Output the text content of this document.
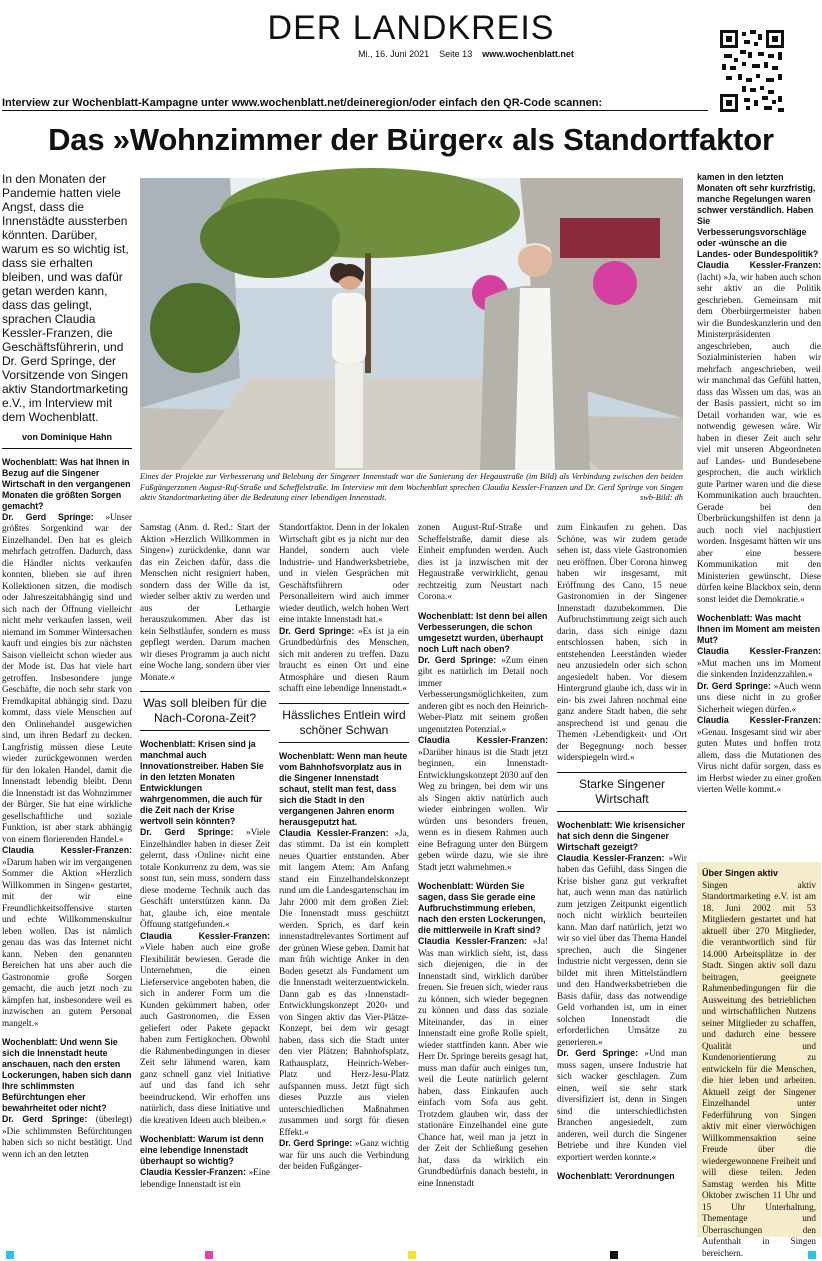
DER LANDKREIS
Mi., 16. Juni 2021 Seite 13 www.wochenblatt.net
Interview zur Wochenblatt-Kampagne unter www.wochenblatt.net/deineregion/oder einfach den QR-Code scannen:
Das »Wohnzimmer der Bürger« als Standortfaktor

In den Monaten der Pandemie hatten viele Angst, dass die Innenstädte aussterben könnten. Darüber, warum es so wichtig ist, dass sie erhalten bleiben, und was dafür getan werden kann, dass das gelingt, sprachen Claudia Kessler-Franzen, die Geschäftsführerin, und Dr. Gerd Springe, der Vorsitzende von Singen aktiv Standortmarketing e.V., im Interview mit dem Wochenblatt.

von Dominique Hahn

Wochenblatt: Was hat Ihnen in Bezug auf die Singener Wirtschaft in den vergangenen Monaten die größten Sorgen gemacht?

Dr. Gerd Springe: »Unser größtes Sorgenkind war der Einzelhandel. Den hat es gleich mehrfach getroffen. Dadurch, dass die Händler nichts verkaufen konnten, blieben sie auf ihren Kollektionen sitzen, die modisch oder Jahreszeitabhängig sind und sich nach der Öffnung vielleicht nicht mehr verkaufen lassen, weil niemand im Sommer Wintersachen kauft und eingies bis zur nächsten Saison vielleicht schon wieder aus der Mode ist. Das hat viele hart getroffen. Insbesondere junge Geschäfte, die noch sehr stark von Fremdkapital abhängig sind. Dazu kommt, dass viele Menschen auf den Onlinehandel ausgewichen sind, um ihren Bedarf zu decken. Langfristig müssen diese Leute wieder zurückgewonnen werden für den lokalen Handel, damit die Innenstadt lebendig bleibt. Denn die Innenstadt ist das Wohnzimmer der Bürger. Sie hat eine wirkliche gesellschaftliche und soziale Funktion, ist aber stark abhängig von einem florierenden Handel.«

Claudia Kessler-Franzen: »Darum haben wir im vergangenen Sommer die Aktion »Herzlich Willkommen in Singen« gestartet, mit der wir eine Freundlichkeitsoffensive starten und echte Willkommenskultur leben wollen. Das ist nämlich genau das was das Internet nicht kann. Neben den genannten Bereichen hat uns aber auch die Gastronomie große Sorgen gemacht, die auch jetzt noch zu kämpfen hat, insbesondere weil es inzwischen an gutem Personal mangelt.«

Wochenblatt: Und wenn Sie sich die Innenstadt heute anschauen, nach den ersten Lockerungen, haben sich dann Ihre schlimmsten Befürchtungen eher bewahrheitet oder nicht?

Dr. Gerd Springe: (überlegt) »Die schlimmsten Befürchtungen haben sich so nicht bestätigt. Und wenn ich an den letzten

Eines der Projekte zur Verbesserung und Belebung der Singener Innenstadt war die Sanierung der Hegaustraße (im Bild) als Verbindung zwischen den beiden Fußgängerzonen August-Ruf-Straße und Scheffelstraße. Im Interview mit dem Wochenblatt sprechen Claudia Kessler-Franzen und Dr. Gerd Springe von Singen aktiv Standortmarketing über die Bedeutung einer lebendigen Innenstadt.	swb-Bild: dh

Samstag (Anm. d. Red.: Start der Aktion »Herzlich Willkommen in Singen«) zurückdenke, dann war das ein Zeichen dafür, dass die Menschen nicht resigniert haben, sondern dass der Wille da ist, wieder selber aktiv zu werden und aus der Lethargie herauszukommen. Aber das ist kein Selbstläufer, sondern es muss gepflegt werden. Darum machen wir dieses Programm ja auch nicht eine Woche lang, sondern über vier Monate.«

Was soll bleiben für die Nach-Corona-Zeit?

Wochenblatt: Krisen sind ja manchmal auch Innovationstreiber. Haben Sie in den letzten Monaten Entwicklungen wahrgenommen, die auch für die Zeit nach der Krise wertvoll sein könnten?

Dr. Gerd Springe: »Viele Einzelhändler haben in dieser Zeit gelernt, dass ›Online‹ nicht eine totale Konkurrenz zu dem, was sie sonst tun, sein muss, sondern dass diese moderne Technik auch das Geschäft unterstützen kann. Da hat, glaube ich, eine mentale Öffnung stattgefunden.«

Claudia Kessler-Franzen: »Viele haben auch eine große Flexibilität bewiesen. Gerade die Unternehmen, die einen Lieferservice angeboten haben, die sich in anderer Form um die Kunden gekümmert haben, oder auch Gastronomen, die Essen geliefert oder Pakete gepackt haben zum Fertigkochen. Obwohl die Rahmenbedingungen in dieser Zeit sehr lähmend waren, kam ganz schnell ganz viel Initiative auf und das fand ich sehr beeindruckend. Wir erhoffen uns natürlich, dass diese Initiative und die kreativen Ideen auch bleiben.«

Wochenblatt: Warum ist denn eine lebendige Innenstadt überhaupt so wichtig?

Claudia Kessler-Franzen: »Eine lebendige Innenstadt ist ein

Standortfaktor. Denn in der lokalen Wirtschaft gibt es ja nicht nur den Handel, sondern auch viele Industrie- und Handwerksbetriebe, und in vielen Gesprächen mit Geschäftsführern oder Personalleitern wird auch immer wieder deutlich, welch hohen Wert eine intakte Innenstadt hat.«

Dr. Gerd Springe: »Es ist ja ein Grundbedürfnis des Menschen, sich mit anderen zu treffen. Dazu braucht es einen Ort und eine Atmosphäre und diesen Raum schafft eine lebendige Innenstadt.«

Hässliches Entlein wird schöner Schwan

Wochenblatt: Wenn man heute vom Bahnhofsvorplatz aus in die Singener Innenstadt schaut, stellt man fest, dass sich die Stadt in den vergangenen Jahren enorm herausgeputzt hat.

Claudia Kessler-Franzen: »Ja, das stimmt. Da ist ein komplett neues Quartier entstanden. Aber mit langem Atem: Am Anfang stand ein Einzelhandelskonzept rund um die Landesgartenschau im Jahr 2000 mit dem großen Ziel: Die Innenstadt muss geschützt werden. Sprich, es darf kein innenstadtrelevantes Sortiment auf der grünen Wiese geben. Damit hat man früh wichtige Anker in den Boden gesetzt als Fundament um die Innenstadt weiterzuentwickeln. Dann gab es das ›Innenstadt-Entwicklungskonzept 2020‹ und von Singen aktiv das Vier-Plätze-Konzept, bei dem wir gesagt haben, dass sich die Stadt unter den vier Plätzen: Bahnhofsplatz, Rathausplatz, Heinrich-Weber-Platz und Herz-Jesu-Platz aufspannen muss. Jetzt fügt sich dieses Puzzle aus vielen unterschiedlichen Maßnahmen zusammen und sorgt für diesen Effekt.«

Dr. Gerd Springe: »Ganz wichtig war für uns auch die Verbindung der beiden Fußgänger-

zonen August-Ruf-Straße und Scheffelstraße, damit diese als Einheit empfunden werden. Auch dies ist ja inzwischen mit der Hegaustraße verwirklicht, genau rechtzeitig zum Neustart nach Corona.«

Wochenblatt: Ist denn bei allen Verbesserungen, die schon umgesetzt wurden, überhaupt noch Luft nach oben?

Dr. Gerd Springe: »Zum einen gibt es natürlich im Detail noch immer Verbesserungsmöglichkeiten, zum anderen gibt es noch den Heinrich-Weber-Platz mit seinem großen ungenutzten Potenzial.«

Claudia Kessler-Franzen: »Darüber hinaus ist die Stadt jetzt beginnen, ein Innenstadt-Entwicklungskonzept 2030 auf den Weg zu bringen, bei dem wir uns als Singen aktiv natürlich auch wieder einbringen wollen. Wir würden uns besonders freuen, wenn es in diesem Rahmen auch eine Befragung unter den Bürgern geben würde dazu, wie sie ihre Stadt jetzt wahrnehmen.«

Wochenblatt: Würden Sie sagen, dass Sie gerade eine Aufbruchstimmung erleben, nach den ersten Lockerungen, die mittlerweile in Kraft sind?

Claudia Kessler-Franzen: »Ja! Was man wirklich sieht, ist, dass sich diejenigen, die in der Innenstadt sind, wirklich darüber freuen. Sie freuen sich, wieder raus zu können, sich wieder begegnen zu können und dass das soziale Miteinander, das in einer Innenstadt eine große Rolle spielt, wieder stattfinden kann. Aber wie Herr Dr. Springe bereits gesagt hat, muss man dafür auch einiges tun, weil die Leute natürlich gelernt haben, dass Einkaufen auch einfach vom Sofa aus geht. Trotzdem glauben wir, dass der stationäre Einzelhandel eine gute Chance hat, weil man ja jetzt in der Zeit der Schließung gesehen hat, dass da wirklich ein Grundbedürfnis danach besteht, in eine Innenstadt

zum Einkaufen zu gehen. Das Schöne, was wir zudem gerade sehen ist, dass viele Gastronomien neu eröffnen. Über Corona hinweg haben wir insgesamt, mit Eröffnung des Cano, 15 neue Gastronomien in der Singener Innenstadt dazubekommen. Die Aufbruchstimmung zeigt sich auch darin, dass sich einige dazu entschlossen haben, sich in entstehenden Leerständen wieder neu anzusiedeln oder sich schon angesiedelt haben. Vor diesem Hintergrund glaube ich, dass wir in ein- bis zwei Jahren nochmal eine ganz andere Stadt haben, die sehr ansprechend ist und genau die Themen ›Lebendigkeit‹ und ›Ort der Begegnung‹ noch besser widerspiegeln wird.«

Starke Singener Wirtschaft

Wochenblatt: Wie krisensicher hat sich denn die Singener Wirtschaft gezeigt?

Claudia Kessler-Franzen: »Wir haben das Gefühl, dass Singen die Krise bisher ganz gut verkraftet hat, auch wenn man das natürlich zum jetzigen Zeitpunkt eigentlich noch nicht wirklich beurteilen kann. Man darf natürlich, jetzt wo wir so viel über das Thema Handel sprechen, auch die Singener Industrie nicht vergessen, denn sie bildet mit ihren Mittelständlern und den Handwerksbetrieben die Basis dafür, dass das notwendige Geld vorhanden ist, um in einer solchen Innenstadt die erforderlichen Umsätze zu generieren.«

Dr. Gerd Springe: »Und man muss sagen, unsere Industrie hat sich wacker geschlagen. Zum einen, weil sie sehr stark diversifiziert ist, denn in Singen sind die unterschiedlichsten Branchen angesiedelt, zum anderen, weil durch die Singener Betriebe und ihre Kunden viel exportiert werden konnte.«

Wochenblatt: Verordnungen

kamen in den letzten Monaten oft sehr kurzfristig, manche Regelungen waren schwer verständlich. Haben Sie Verbesserungsvorschläge oder -wünsche an die Landes- oder Bundespolitik?

Claudia Kessler-Franzen: (lacht) »Ja, wir haben auch schon sehr aktiv an die Politik geschrieben. Gemeinsam mit dem Oberbürgermeister haben wir die Bundeskanzlerin und den Ministerpräsidenten angeschrieben, auch die Sozialministerien haben wir mehrfach angeschrieben, weil wir manchmal das Gefühl hatten, dass das Wissen um das, was an der Basis passiert, nicht so im Detail vorhanden war, wie es notwendig gewesen wäre. Wir haben in dieser Zeit auch sehr viel mit unseren Abgeordneten auf Landes- und Bundesebene gesprochen, die auch wirklich gute Partner waren und die diese Kommunikation auch brauchten. Gerade bei den Überbrückungshilfen ist denn ja auch noch viel nachjustiert worden. Insgesamt hätten wir uns aber eine bessere Kommunikation mit den Ministerien gewünscht. Diese dürfen keine Blackbox sein, denn sonst leidet die Demokratie.«

Wochenblatt: Was macht Ihnen im Moment am meisten Mut?

Claudia Kessler-Franzen: »Mut machen uns im Moment die sinkenden Inzidenzzahlen.«

Dr. Gerd Springe: »Auch wenn uns diese nicht in zu großer Sicherheit wiegen dürfen.«

Claudia Kessler-Franzen: »Genau. Insgesamt sind wir aber guten Mutes und hoffen trotz allem, dass die Mutationen des Virus nicht dafür sorgen, dass es im Herbst wieder zu einer großen vierten Welle kommt.«

Über Singen aktiv

Singen aktiv Standortmarketing e.V. ist am 18. Juni 2002 mit 53 Mitgliedern gestartet und hat aktuell über 270 Mitglieder, die verantwortlich sind für 14.000 Arbeitsplätze in der Stadt. Singen aktiv soll dazu beitragen, geeignete Rahmenbedingungen für die Ausweitung des betrieblichen und wirtschaftlichen Nutzens seiner Mitglieder zu schaffen, und dadurch eine bessere Qualität und Kundenorientierung zu entwickeln für die Menschen, die hier leben und arbeiten. Aktuell zeigt der Singener Einzelhandel unter Federführung von Singen aktiv mit einer vierwöchigen Willkommensaktion seine Freude über die wiedergewonnene Freiheit und will diese teilen. Jeden Samstag werden bis Mitte Oktober zwischen 11 Uhr und 15 Uhr Unterhaltung, Thementage und Überraschungen den Aufenthalt in Singen bereichern.
